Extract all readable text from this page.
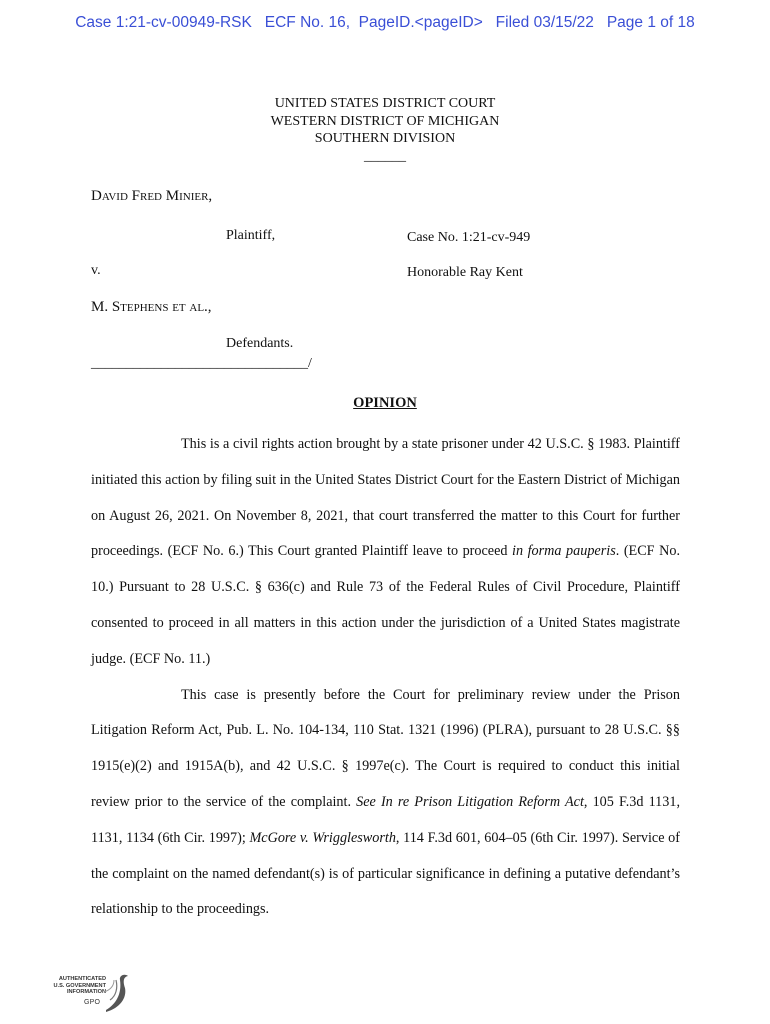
Case 1:21-cv-00949-RSK   ECF No. 16,  PageID.<pageID>   Filed 03/15/22   Page 1 of 18
UNITED STATES DISTRICT COURT
WESTERN DISTRICT OF MICHIGAN
SOUTHERN DIVISION
______
David Fred Minier,
Plaintiff,	Case No. 1:21-cv-949
v.	Honorable Ray Kent
M. Stephens et al.,
Defendants.
_______________________________/
OPINION

This is a civil rights action brought by a state prisoner under 42 U.S.C. § 1983. Plaintiff initiated this action by filing suit in the United States District Court for the Eastern District of Michigan on August 26, 2021. On November 8, 2021, that court transferred the matter to this Court for further proceedings. (ECF No. 6.) This Court granted Plaintiff leave to proceed in forma pauperis. (ECF No. 10.) Pursuant to 28 U.S.C. § 636(c) and Rule 73 of the Federal Rules of Civil Procedure, Plaintiff consented to proceed in all matters in this action under the jurisdiction of a United States magistrate judge. (ECF No. 11.)

This case is presently before the Court for preliminary review under the Prison Litigation Reform Act, Pub. L. No. 104-134, 110 Stat. 1321 (1996) (PLRA), pursuant to 28 U.S.C. §§ 1915(e)(2) and 1915A(b), and 42 U.S.C. § 1997e(c). The Court is required to conduct this initial review prior to the service of the complaint. See In re Prison Litigation Reform Act, 105 F.3d 1131, 1131, 1134 (6th Cir. 1997); McGore v. Wrigglesworth, 114 F.3d 601, 604–05 (6th Cir. 1997). Service of the complaint on the named defendant(s) is of particular significance in defining a putative defendant’s relationship to the proceedings.

AUTHENTICATED
U.S. GOVERNMENT
INFORMATION
GPO
